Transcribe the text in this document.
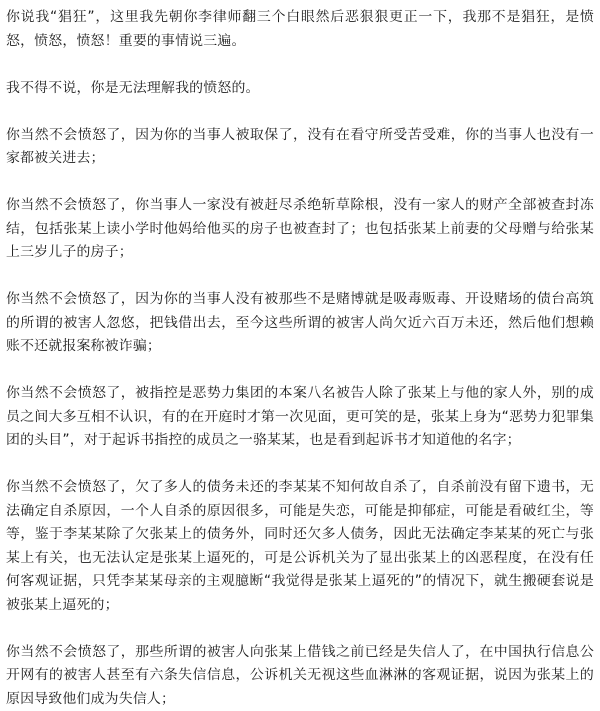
你说我“猖狂”，这里我先朝你李律师翻三个白眼然后恶狠狠更正一下，我那不是猖狂，是愤怒，愤怒，愤怒！重要的事情说三遍。

我不得不说，你是无法理解我的愤怒的。

你当然不会愤怒了，因为你的当事人被取保了，没有在看守所受苦受难，你的当事人也没有一家都被关进去；

你当然不会愤怒了，你当事人一家没有被赶尽杀绝斩草除根，没有一家人的财产全部被查封冻结，包括张某上读小学时他妈给他买的房子也被查封了；也包括张某上前妻的父母赠与给张某上三岁儿子的房子；

你当然不会愤怒了，因为你的当事人没有被那些不是赌博就是吸毒贩毒、开设赌场的债台高筑的所谓的被害人忽悠，把钱借出去，至今这些所谓的被害人尚欠近六百万未还，然后他们想赖账不还就报案称被诈骗；

你当然不会愤怒了，被指控是恶势力集团的本案八名被告人除了张某上与他的家人外，别的成员之间大多互相不认识，有的在开庭时才第一次见面，更可笑的是，张某上身为“恶势力犯罪集团的头目”，对于起诉书指控的成员之一骆某某，也是看到起诉书才知道他的名字；

你当然不会愤怒了，欠了多人的债务未还的李某某不知何故自杀了，自杀前没有留下遗书，无法确定自杀原因，一个人自杀的原因很多，可能是失恋，可能是抑郁症，可能是看破红尘，等等，鉴于李某某除了欠张某上的债务外，同时还欠多人债务，因此无法确定李某某的死亡与张某上有关，也无法认定是张某上逼死的，可是公诉机关为了显出张某上的凶恶程度，在没有任何客观证据，只凭李某某母亲的主观臆断“我觉得是张某上逼死的”的情况下，就生搬硬套说是被张某上逼死的；

你当然不会愤怒了，那些所谓的被害人向张某上借钱之前已经是失信人了，在中国执行信息公开网有的被害人甚至有六条失信信息，公诉机关无视这些血淋淋的客观证据，说因为张某上的原因导致他们成为失信人；
